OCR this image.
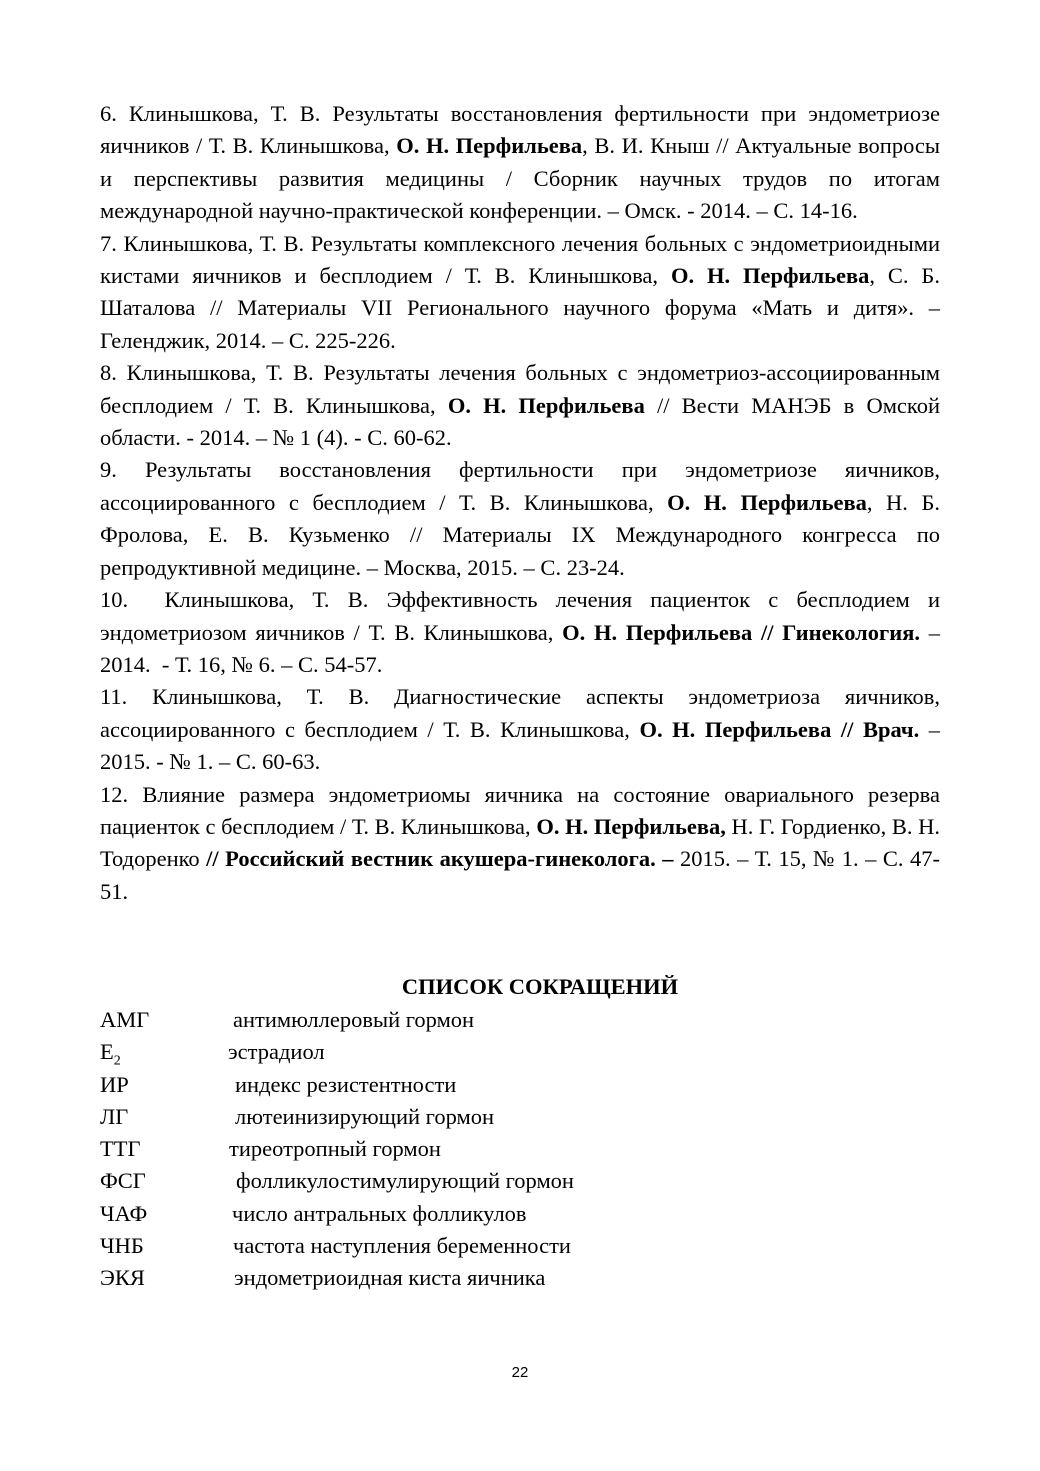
6. Клинышкова, Т. В. Результаты восстановления фертильности при эндометриозе яичников / Т. В. Клинышкова, О. Н. Перфильева, В. И. Кныш // Актуальные вопросы и перспективы развития медицины / Сборник научных трудов по итогам международной научно-практической конференции. – Омск. - 2014. – С. 14-16.

7. Клинышкова, Т. В. Результаты комплексного лечения больных с эндометриоидными кистами яичников и бесплодием / Т. В. Клинышкова, О. Н. Перфильева, С. Б. Шаталова // Материалы VII Регионального научного форума «Мать и дитя». – Геленджик, 2014. – С. 225-226.

8. Клинышкова, Т. В. Результаты лечения больных с эндометриоз-ассоциированным бесплодием / Т. В. Клинышкова, О. Н. Перфильева // Вести МАНЭБ в Омской области. - 2014. – № 1 (4). - С. 60-62.

9. Результаты восстановления фертильности при эндометриозе яичников, ассоциированного с бесплодием / Т. В. Клинышкова, О. Н. Перфильева, Н. Б. Фролова, Е. В. Кузьменко // Материалы IX Международного конгресса по репродуктивной медицине. – Москва, 2015. – С. 23-24.

10.  Клинышкова, Т. В. Эффективность лечения пациенток с бесплодием и эндометриозом яичников / Т. В. Клинышкова, О. Н. Перфильева // Гинекология. – 2014.  - Т. 16, № 6. – С. 54-57.

11. Клинышкова, Т. В. Диагностические аспекты эндометриоза яичников, ассоциированного с бесплодием / Т. В. Клинышкова, О. Н. Перфильева // Врач. – 2015. - № 1. – С. 60-63.

12. Влияние размера эндометриомы яичника на состояние овариального резерва пациенток с бесплодием / Т. В. Клинышкова, О. Н. Перфильева, Н. Г. Гордиенко, В. Н. Тодоренко // Российский вестник акушера-гинеколога. – 2015. – Т. 15, № 1. – С. 47-51.

СПИСОК СОКРАЩЕНИЙ
АМГ	антимюллеровый гормон
$Е_2$	эстрадиол
ИР	индекс резистентности
ЛГ	лютеинизирующий гормон
ТТГ	тиреотропный гормон
ФСГ	фолликулостимулирующий гормон
ЧАФ	число антральных фолликулов
ЧНБ	частота наступления беременности
ЭКЯ	эндометриоидная киста яичника
22
